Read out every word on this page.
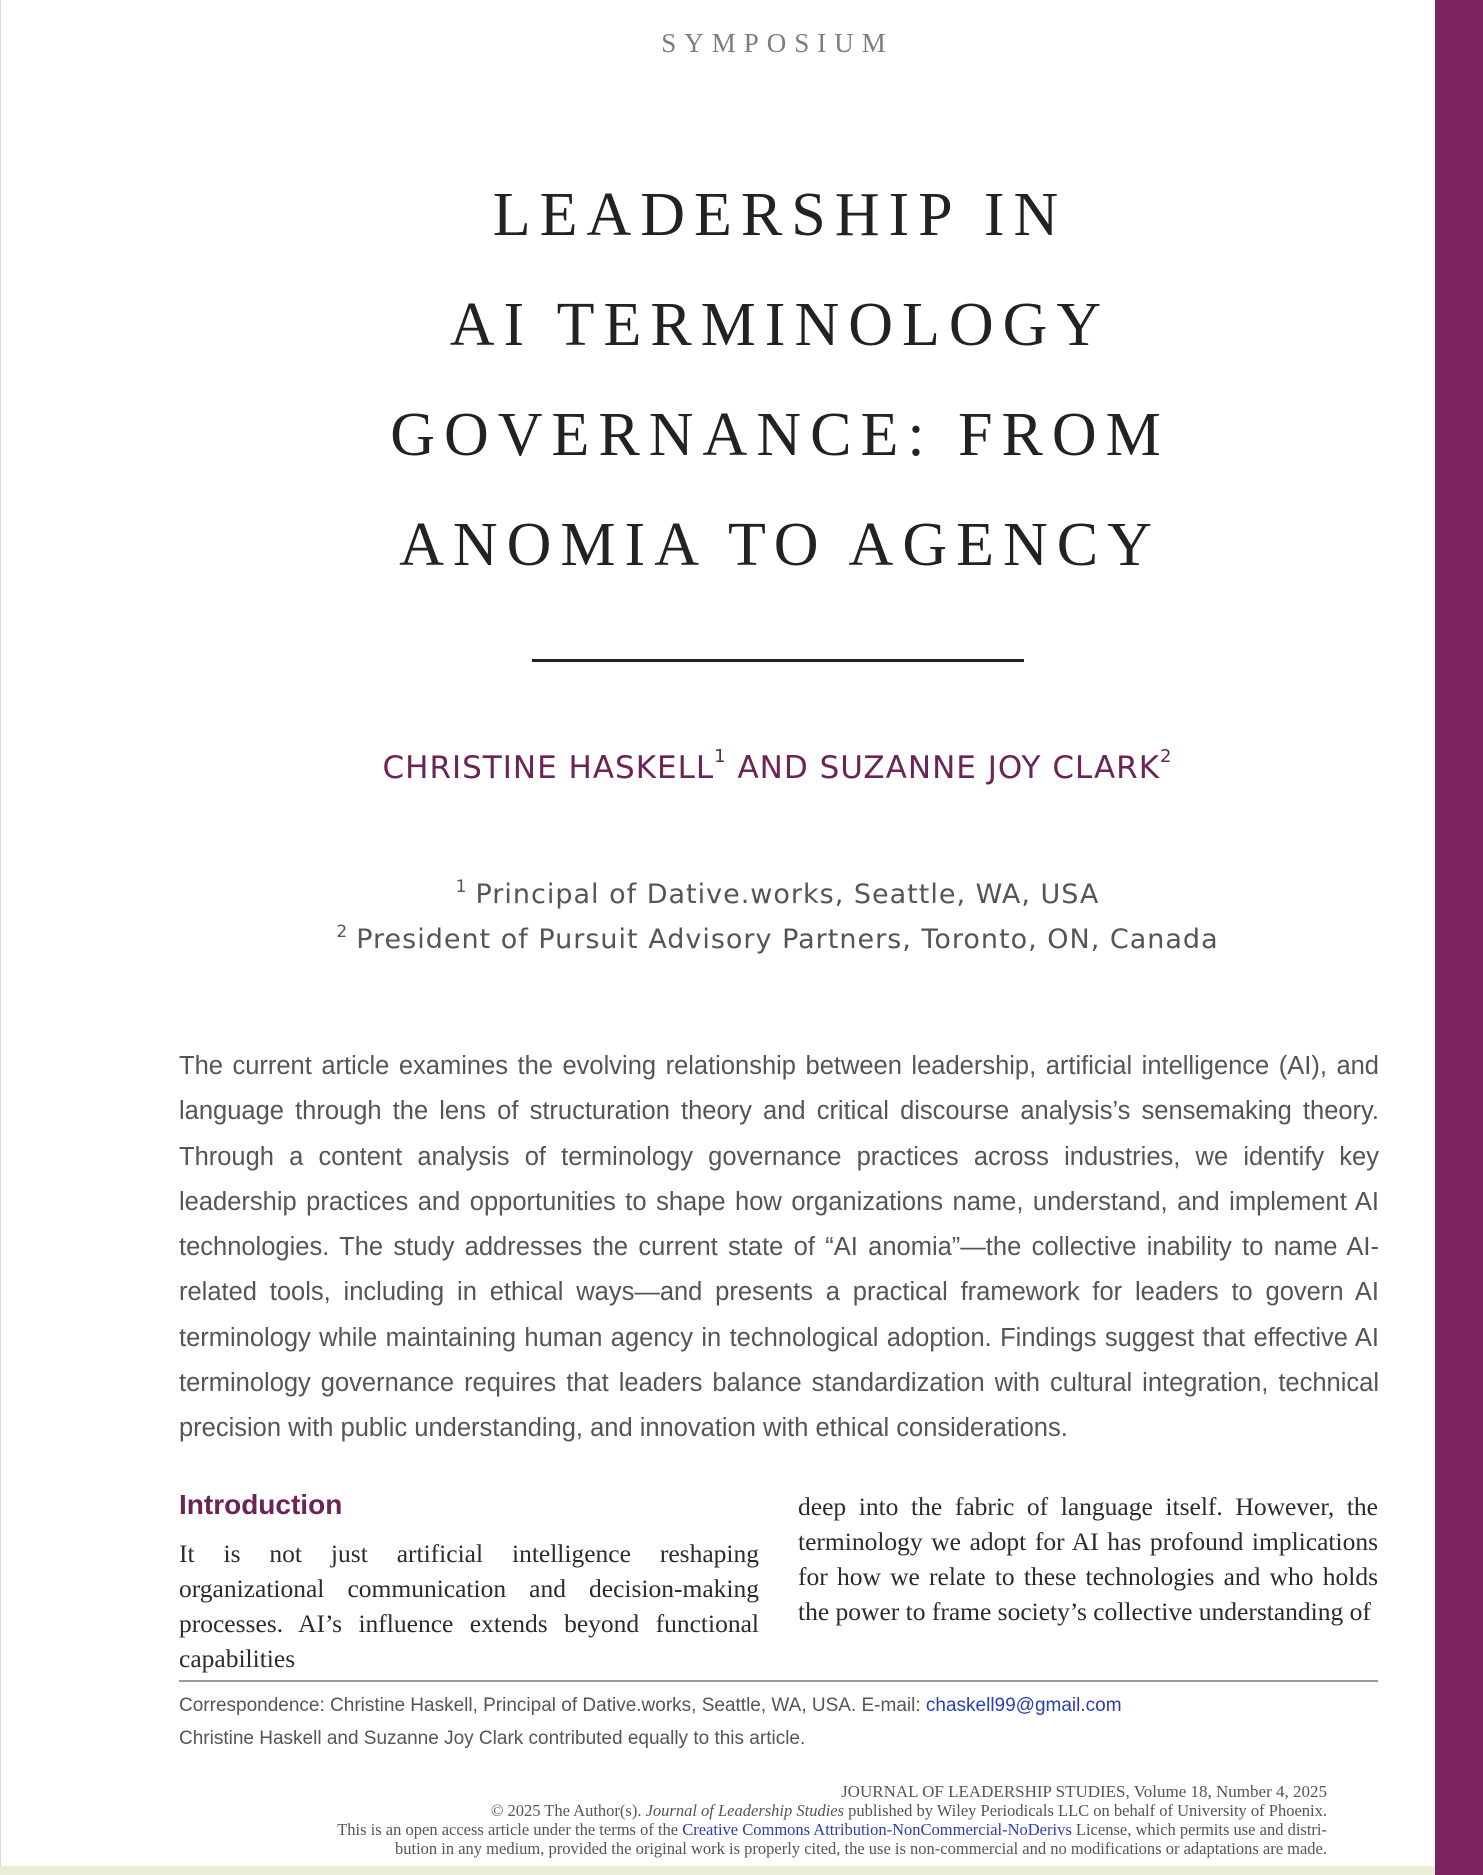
SYMPOSIUM
LEADERSHIP IN
AI TERMINOLOGY
GOVERNANCE: FROM
ANOMIA TO AGENCY
CHRISTINE HASKELL$^1$ AND SUZANNE JOY CLARK$^2$
$^1$ Principal of Dative.works, Seattle, WA, USA
$^2$ President of Pursuit Advisory Partners, Toronto, ON, Canada
The current article examines the evolving relationship between leadership, artificial intelligence (AI), and language through the lens of structuration theory and critical discourse analysis’s sensemaking theory. Through a content analysis of terminology governance practices across industries, we identify key leadership practices and opportunities to shape how organizations name, understand, and implement AI technologies. The study addresses the current state of “AI anomia”—the collective inability to name AI-related tools, including in ethical ways—and presents a practical framework for leaders to govern AI terminology while maintaining human agency in technological adoption. Findings suggest that effective AI terminology governance requires that leaders balance standardization with cultural integration, technical precision with public understanding, and innovation with ethical considerations.
Introduction
It is not just artificial intelligence reshaping organizational communication and decision-making processes. AI’s influence extends beyond functional capabilities
deep into the fabric of language itself. However, the terminology we adopt for AI has profound implications for how we relate to these technologies and who holds the power to frame society’s collective understanding of
Correspondence: Christine Haskell, Principal of Dative.works, Seattle, WA, USA. E-mail: chaskell99@gmail.com
Christine Haskell and Suzanne Joy Clark contributed equally to this article.
JOURNAL OF LEADERSHIP STUDIES, Volume 18, Number 4, 2025
© 2025 The Author(s). Journal of Leadership Studies published by Wiley Periodicals LLC on behalf of University of Phoenix.
This is an open access article under the terms of the Creative Commons Attribution-NonCommercial-NoDerivs License, which permits use and distri-
bution in any medium, provided the original work is properly cited, the use is non-commercial and no modifications or adaptations are made.
